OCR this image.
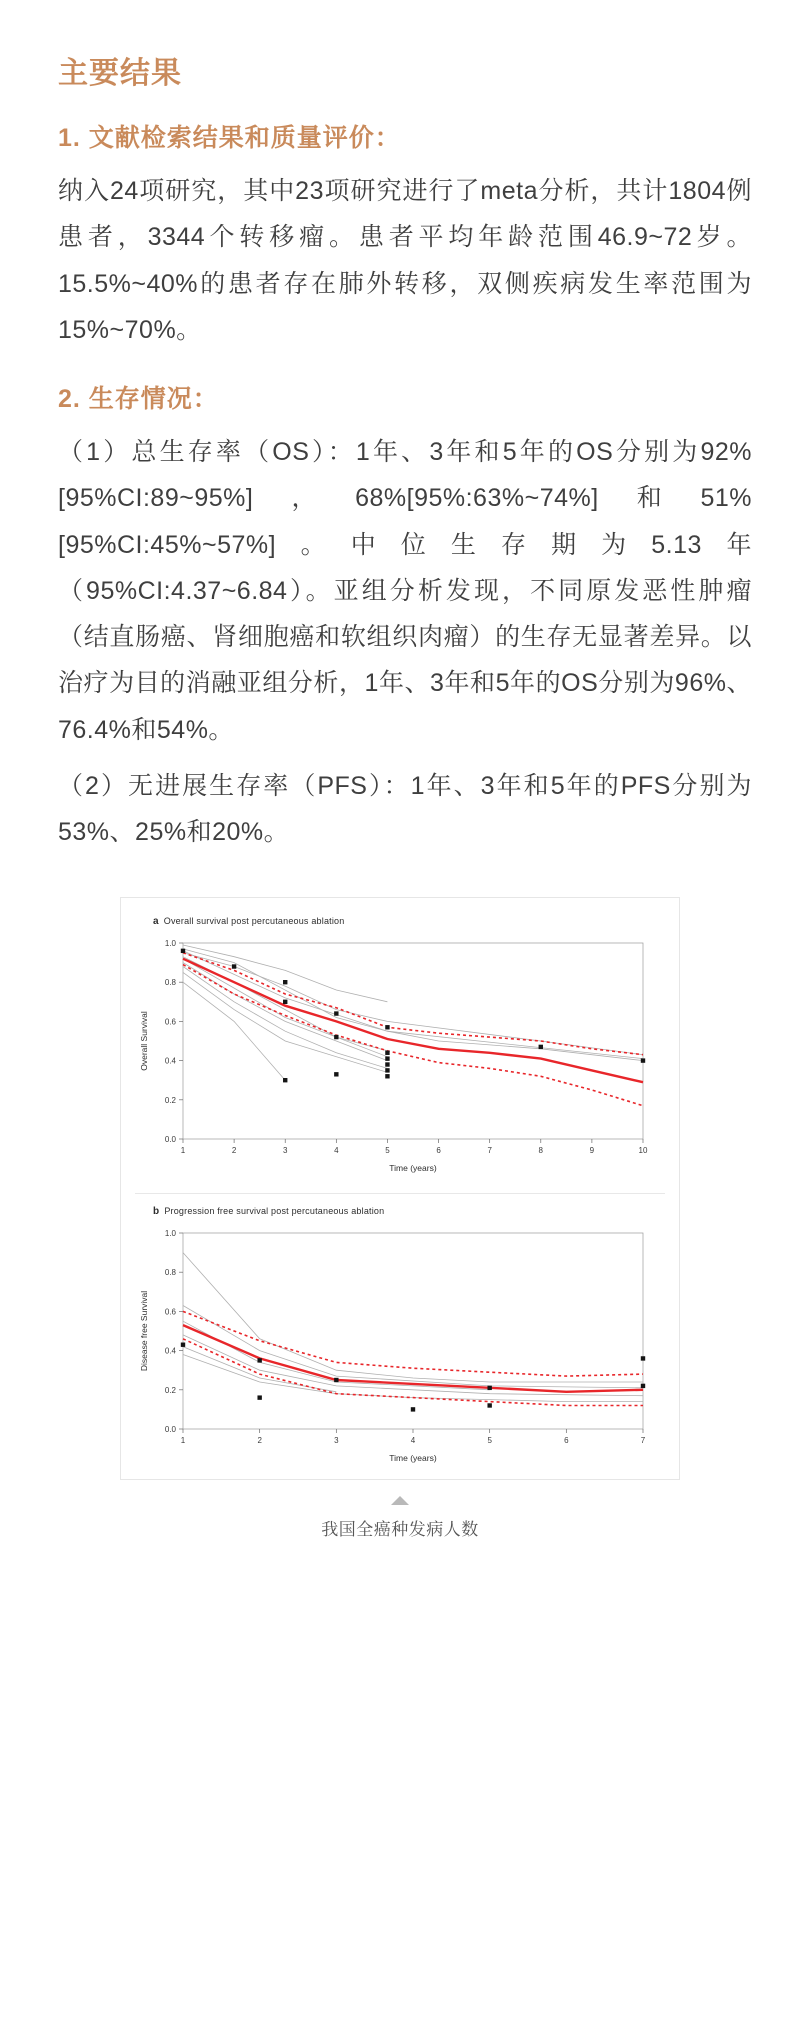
主要结果
1. 文献检索结果和质量评价：

纳入24项研究，其中23项研究进行了meta分析，共计1804例患者，3344个转移瘤。患者平均年龄范围46.9~72岁。15.5%~40%的患者存在肺外转移，双侧疾病发生率范围为15%~70%。

2. 生存情况：

（1）总生存率（OS）：1年、3年和5年的OS分别为92%[95%CI:89~95%]，68%[95%:63%~74%]和51%[95%CI:45%~57%]。中位生存期为5.13年（95%CI:4.37~6.84）。亚组分析发现，不同原发恶性肿瘤（结直肠癌、肾细胞癌和软组织肉瘤）的生存无显著差异。以治疗为目的消融亚组分析，1年、3年和5年的OS分别为96%、76.4%和54%。

（2）无进展生存率（PFS）：1年、3年和5年的PFS分别为53%、25%和20%。

a Overall survival post percutaneous ablation
1	2	3	4	5	6	7	8	9	10
0.0
0.2
0.4
0.6
0.8
1.0
Time (years)
Overall Survival
b Progression free survival post percutaneous ablation
1	2	3	4	5	6	7
0.0
0.2
0.4
0.6
0.8
1.0
Time (years)
Disease free Survival
我国全癌种发病人数
